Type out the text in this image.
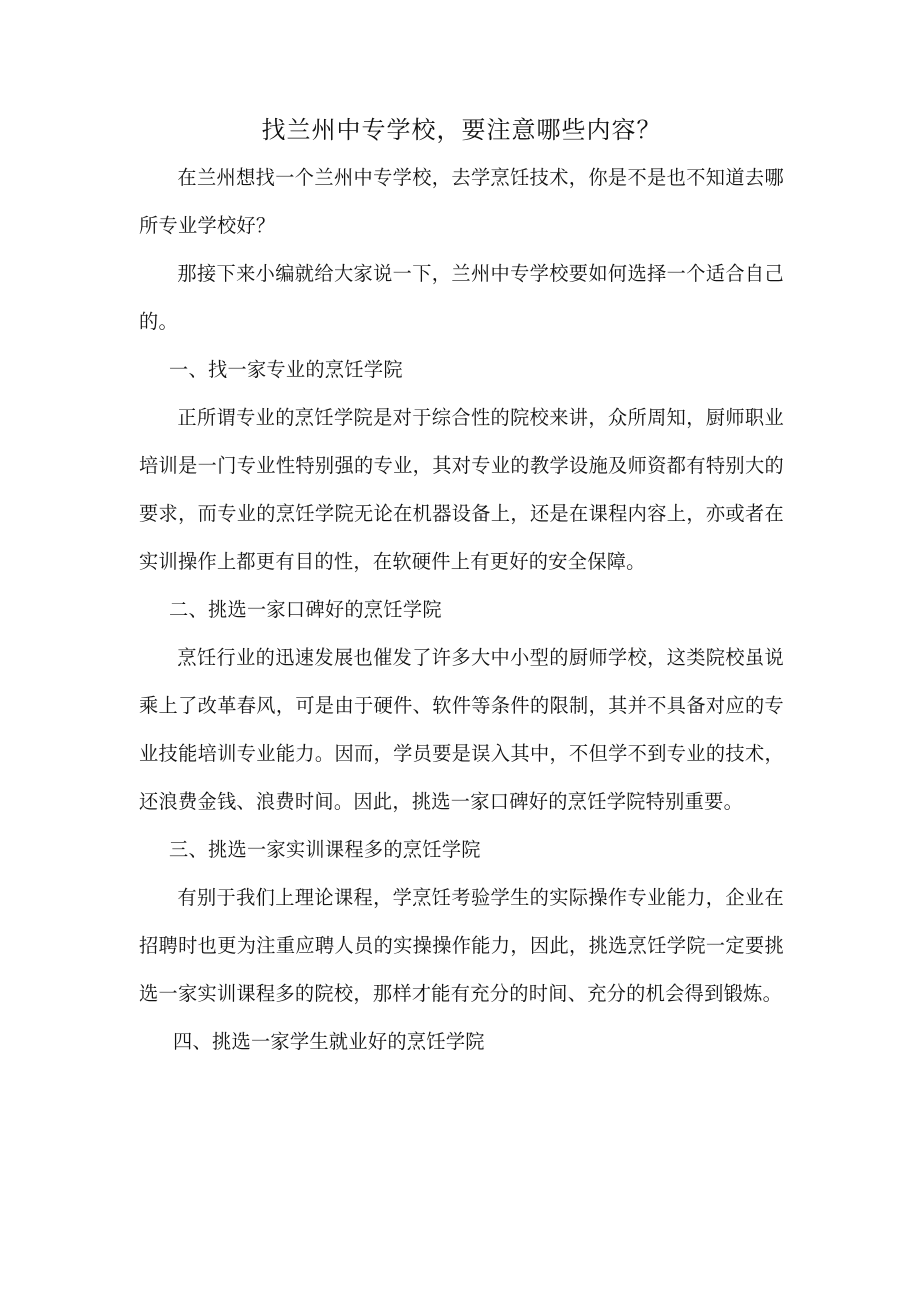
找兰州中专学校，要注意哪些内容？

在兰州想找一个兰州中专学校，去学烹饪技术，你是不是也不知道去哪所专业学校好？

那接下来小编就给大家说一下，兰州中专学校要如何选择一个适合自己的。

一、找一家专业的烹饪学院

正所谓专业的烹饪学院是对于综合性的院校来讲，众所周知，厨师职业培训是一门专业性特别强的专业，其对专业的教学设施及师资都有特别大的要求，而专业的烹饪学院无论在机器设备上，还是在课程内容上，亦或者在实训操作上都更有目的性，在软硬件上有更好的安全保障。

二、挑选一家口碑好的烹饪学院

烹饪行业的迅速发展也催发了许多大中小型的厨师学校，这类院校虽说乘上了改革春风，可是由于硬件、软件等条件的限制，其并不具备对应的专业技能培训专业能力。因而，学员要是误入其中，不但学不到专业的技术，还浪费金钱、浪费时间。因此，挑选一家口碑好的烹饪学院特别重要。

三、挑选一家实训课程多的烹饪学院

有别于我们上理论课程，学烹饪考验学生的实际操作专业能力，企业在招聘时也更为注重应聘人员的实操操作能力，因此，挑选烹饪学院一定要挑选一家实训课程多的院校，那样才能有充分的时间、充分的机会得到锻炼。

四、挑选一家学生就业好的烹饪学院
